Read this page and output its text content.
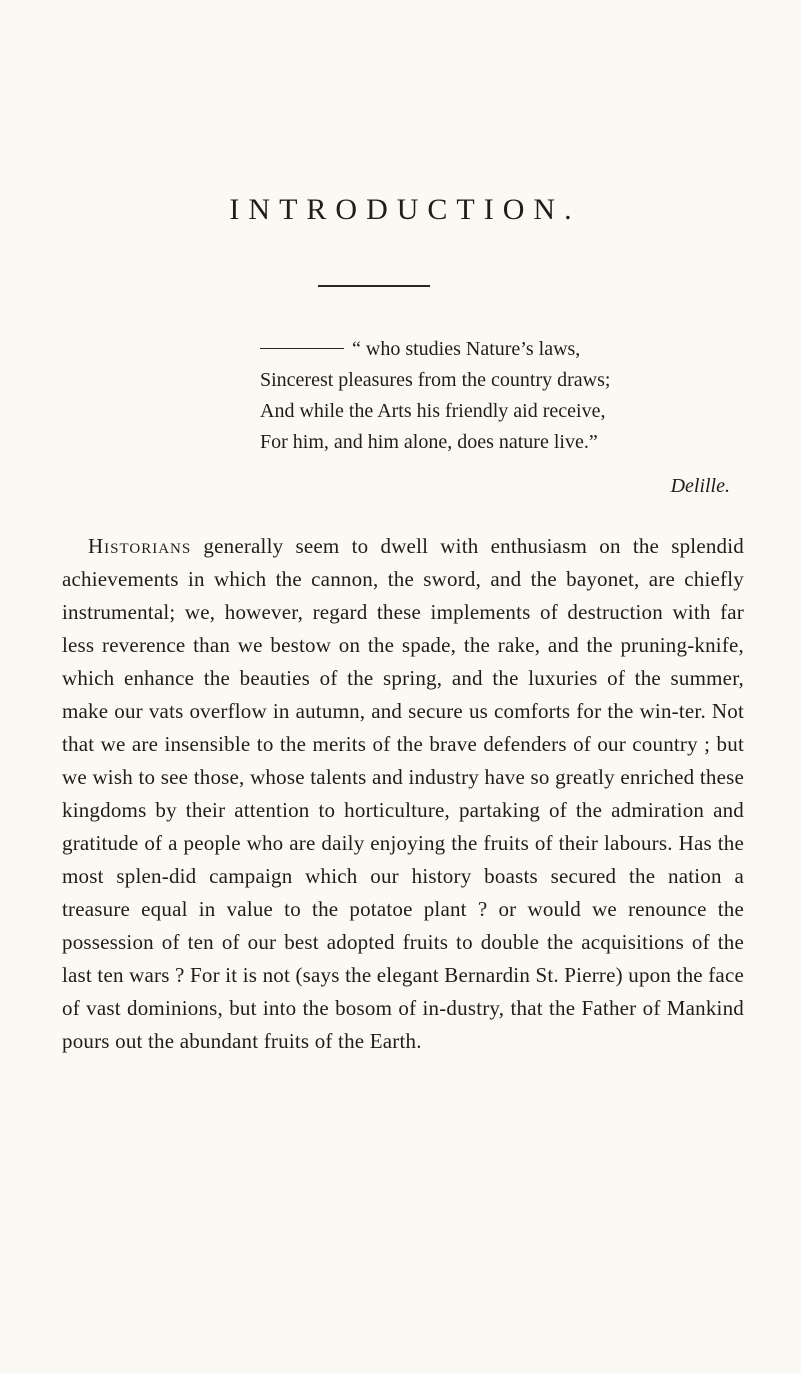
INTRODUCTION.
“ who studies Nature’s laws,
Sincerest pleasures from the country draws;
And while the Arts his friendly aid receive,
For him, and him alone, does nature live.”
Delille.

Historians generally seem to dwell with enthusiasm on the splendid achievements in which the cannon, the sword, and the bayonet, are chiefly instrumental; we, however, regard these implements of destruction with far less reverence than we bestow on the spade, the rake, and the pruning-knife, which enhance the beauties of the spring, and the luxuries of the summer, make our vats overflow in autumn, and secure us comforts for the win-ter. Not that we are insensible to the merits of the brave defenders of our country ; but we wish to see those, whose talents and industry have so greatly enriched these kingdoms by their attention to horticulture, partaking of the admiration and gratitude of a people who are daily enjoying the fruits of their labours. Has the most splen-did campaign which our history boasts secured the nation a treasure equal in value to the potatoe plant ? or would we renounce the possession of ten of our best adopted fruits to double the acquisitions of the last ten wars ? For it is not (says the elegant Bernardin St. Pierre) upon the face of vast dominions, but into the bosom of in-dustry, that the Father of Mankind pours out the abundant fruits of the Earth.
